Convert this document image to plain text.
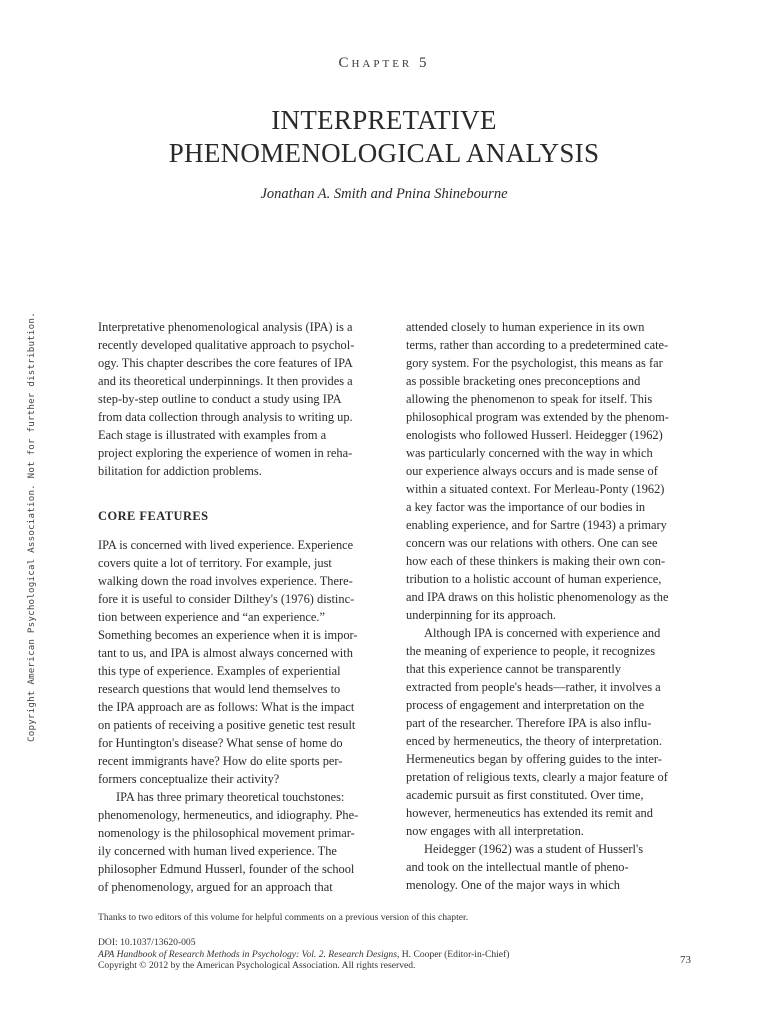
Chapter 5
INTERPRETATIVE
PHENOMENOLOGICAL ANALYSIS
Jonathan A. Smith and Pnina Shinebourne
Copyright American Psychological Association. Not for further distribution.	Interpretative phenomenological analysis (IPA) is a
recently developed qualitative approach to psychol-
ogy. This chapter describes the core features of IPA
and its theoretical underpinnings. It then provides a
step-by-step outline to conduct a study using IPA
from data collection through analysis to writing up.
Each stage is illustrated with examples from a
project exploring the experience of women in reha-
bilitation for addiction problems.

CORE FEATURES

IPA is concerned with lived experience. Experience
covers quite a lot of territory. For example, just
walking down the road involves experience. There-
fore it is useful to consider Dilthey's (1976) distinc-
tion between experience and “an experience.”
Something becomes an experience when it is impor-
tant to us, and IPA is almost always concerned with
this type of experience. Examples of experiential
research questions that would lend themselves to
the IPA approach are as follows: What is the impact
on patients of receiving a positive genetic test result
for Huntington's disease? What sense of home do
recent immigrants have? How do elite sports per-
formers conceptualize their activity?

IPA has three primary theoretical touchstones:
phenomenology, hermeneutics, and idiography. Phe-
nomenology is the philosophical movement primar-
ily concerned with human lived experience. The
philosopher Edmund Husserl, founder of the school
of phenomenology, argued for an approach that

attended closely to human experience in its own
terms, rather than according to a predetermined cate-
gory system. For the psychologist, this means as far
as possible bracketing ones preconceptions and
allowing the phenomenon to speak for itself. This
philosophical program was extended by the phenom-
enologists who followed Husserl. Heidegger (1962)
was particularly concerned with the way in which
our experience always occurs and is made sense of
within a situated context. For Merleau-Ponty (1962)
a key factor was the importance of our bodies in
enabling experience, and for Sartre (1943) a primary
concern was our relations with others. One can see
how each of these thinkers is making their own con-
tribution to a holistic account of human experience,
and IPA draws on this holistic phenomenology as the
underpinning for its approach.

Although IPA is concerned with experience and
the meaning of experience to people, it recognizes
that this experience cannot be transparently
extracted from people's heads—rather, it involves a
process of engagement and interpretation on the
part of the researcher. Therefore IPA is also influ-
enced by hermeneutics, the theory of interpretation.
Hermeneutics began by offering guides to the inter-
pretation of religious texts, clearly a major feature of
academic pursuit as first constituted. Over time,
however, hermeneutics has extended its remit and
now engages with all interpretation.

Heidegger (1962) was a student of Husserl's
and took on the intellectual mantle of pheno-
menology. One of the major ways in which

Thanks to two editors of this volume for helpful comments on a previous version of this chapter.
DOI: 10.1037/13620-005
APA Handbook of Research Methods in Psychology: Vol. 2. Research Designs, H. Cooper (Editor-in-Chief)
Copyright © 2012 by the American Psychological Association. All rights reserved.	73
